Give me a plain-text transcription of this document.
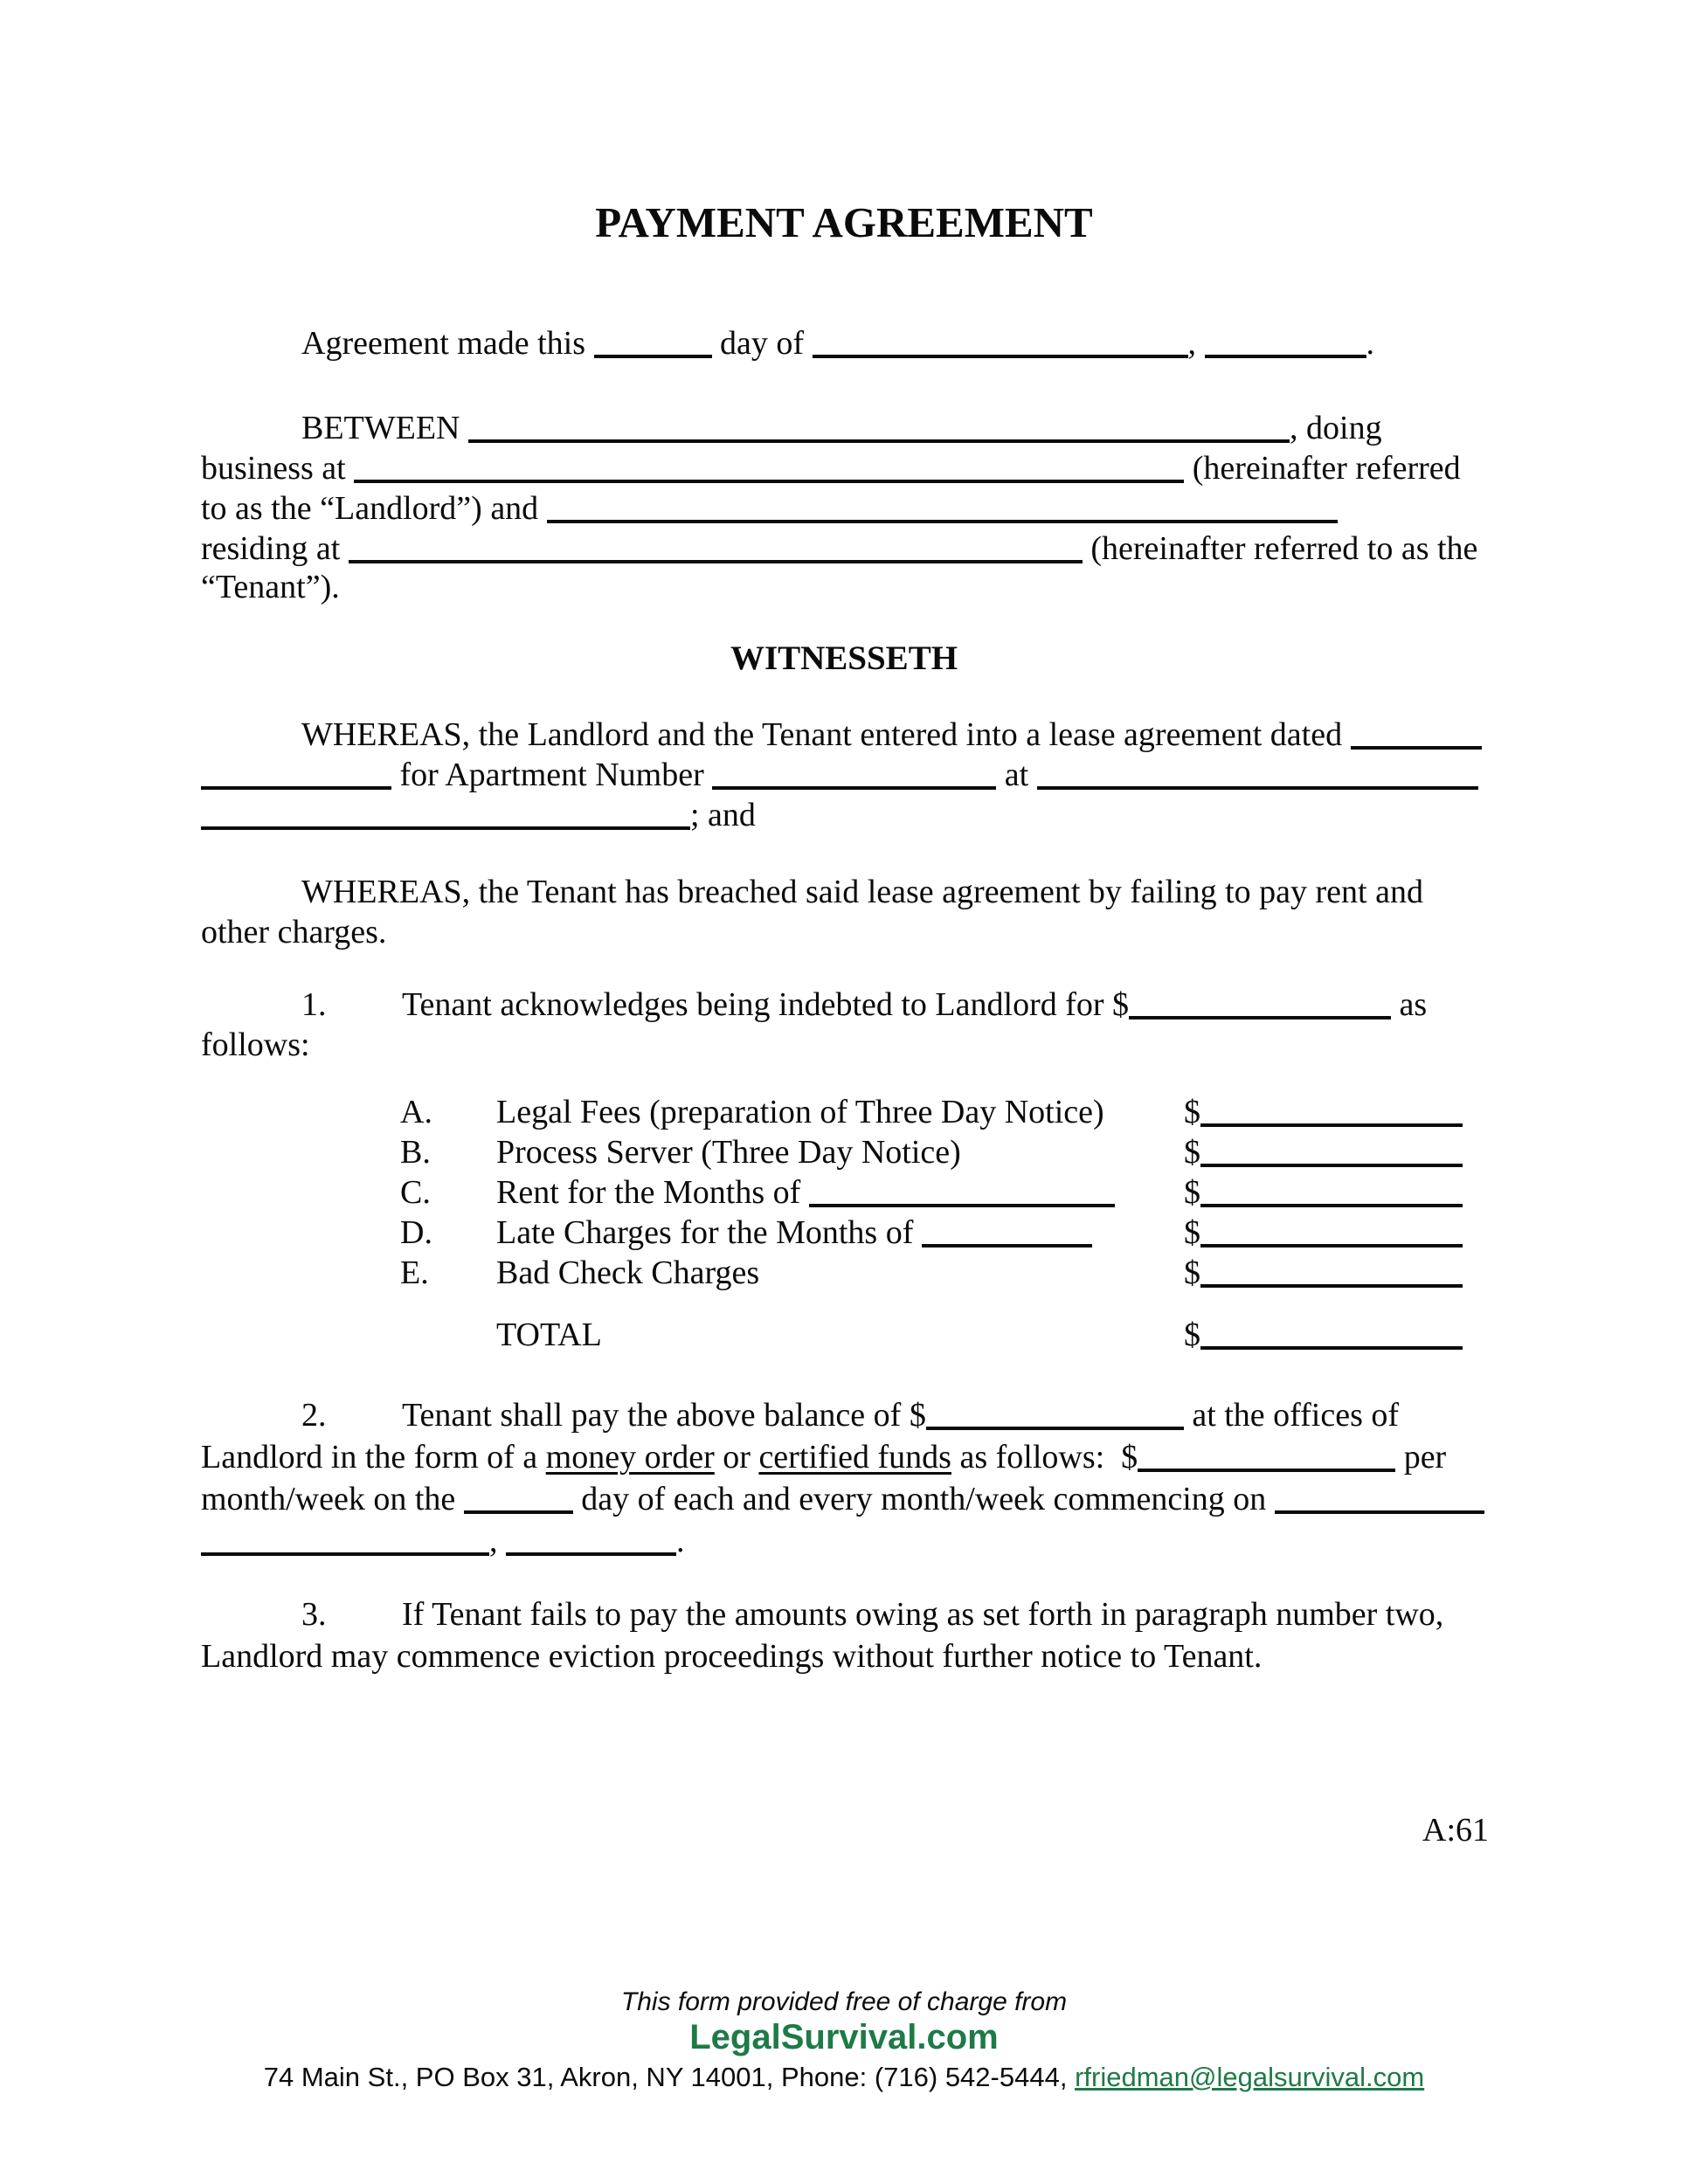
PAYMENT AGREEMENT
Agreement made this	day of	,	.
BETWEEN	, doing
business at	(hereinafter referred
to as the “Landlord”) and
residing at	(hereinafter referred to as the
“Tenant”).
WITNESSETH
WHEREAS, the Landlord and the Tenant entered into a lease agreement dated
for Apartment Number	at
; and
WHEREAS, the Tenant has breached said lease agreement by failing to pay rent and
other charges.
1. Tenant acknowledges being indebted to Landlord for $	as
follows:
A. Legal Fees (preparation of Three Day Notice) $
B. Process Server (Three Day Notice)	$
C. Rent for the Months of	$
D. Late Charges for the Months of	$
E. Bad Check Charges	$
TOTAL	$
2. Tenant shall pay the above balance of $	at the offices of
Landlord in the form of a money order or certified funds as follows:  $	per
month/week on the	day of each and every month/week commencing on
,	.
3. If Tenant fails to pay the amounts owing as set forth in paragraph number two,
Landlord may commence eviction proceedings without further notice to Tenant.
A:61
This form provided free of charge from
LegalSurvival.com
74 Main St., PO Box 31, Akron, NY 14001, Phone: (716) 542-5444, rfriedman@legalsurvival.com
